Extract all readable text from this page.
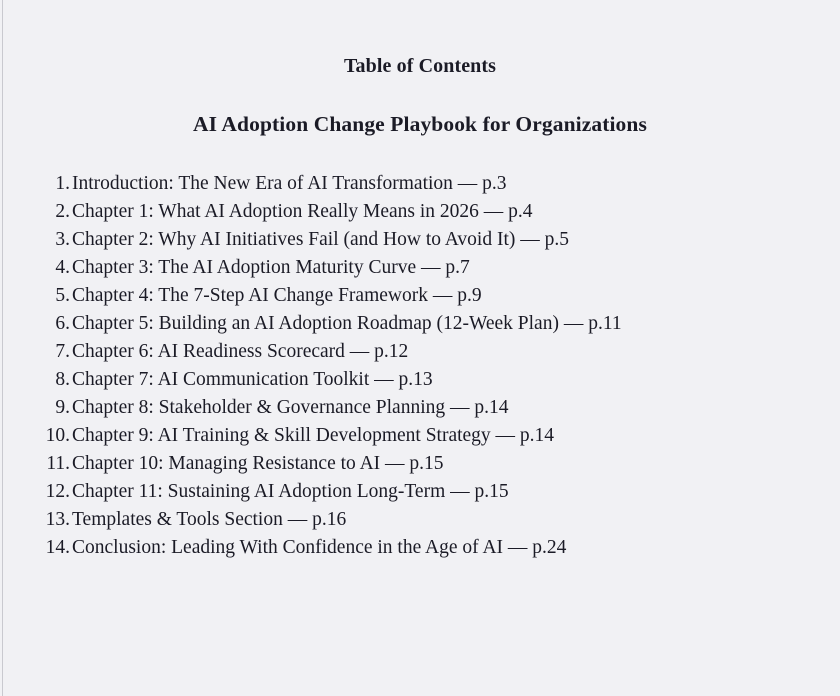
Table of Contents
AI Adoption Change Playbook for Organizations
1. Introduction: The New Era of AI Transformation — p.3
2. Chapter 1: What AI Adoption Really Means in 2026 — p.4
3. Chapter 2: Why AI Initiatives Fail (and How to Avoid It) — p.5
4. Chapter 3: The AI Adoption Maturity Curve — p.7
5. Chapter 4: The 7-Step AI Change Framework — p.9
6. Chapter 5: Building an AI Adoption Roadmap (12-Week Plan) — p.11
7. Chapter 6: AI Readiness Scorecard — p.12
8. Chapter 7: AI Communication Toolkit — p.13
9. Chapter 8: Stakeholder & Governance Planning — p.14
10. Chapter 9: AI Training & Skill Development Strategy — p.14
11. Chapter 10: Managing Resistance to AI — p.15
12. Chapter 11: Sustaining AI Adoption Long-Term — p.15
13. Templates & Tools Section — p.16
14. Conclusion: Leading With Confidence in the Age of AI — p.24
